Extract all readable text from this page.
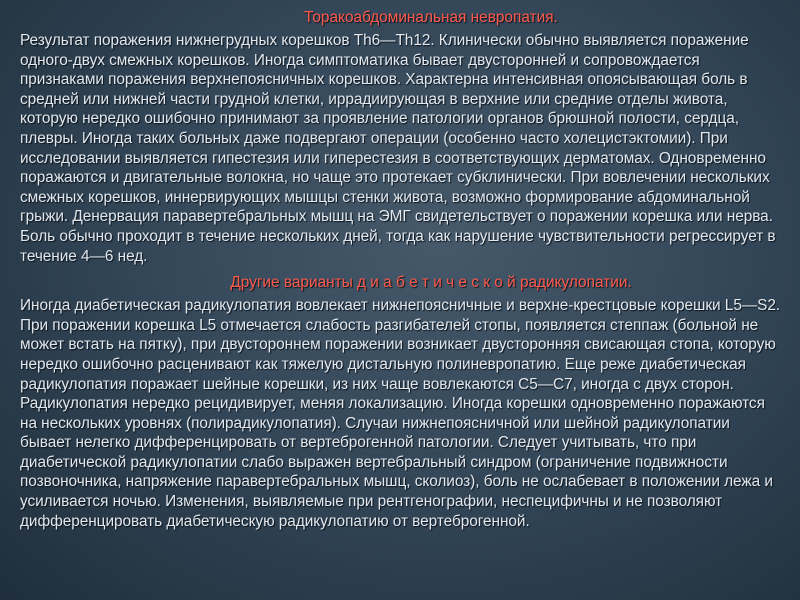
Торакоабдоминальная невропатия.

Результат поражения нижнегрудных корешков Th6—Th12. Клинически обычно выявляется поражение одного-двух смежных корешков. Иногда симптоматика бывает двусторонней и сопровождается признаками поражения верхнепоясничных корешков. Характерна интенсивная опоясывающая боль в средней или нижней части грудной клетки, иррадиирующая в верхние или средние отделы живота, которую нередко ошибочно принимают за проявление патологии органов брюшной полости, сердца, плевры. Иногда таких больных даже подвергают операции (особенно часто холецистэктомии). При исследовании выявляется гипестезия или гиперестезия в соответствующих дерматомах. Одновременно поражаются и двигательные волокна, но чаще это протекает субклинически. При вовлечении нескольких смежных корешков, иннервирующих мышцы стенки живота, возможно формирование абдоминальной грыжи. Денервация паравертебральных мышц на ЭМГ свидетельствует о поражении корешка или нерва. Боль обычно проходит в течение нескольких дней, тогда как нарушение чувствительности регрессирует в течение 4—6 нед.

Другие варианты д и а б е т и ч е с к о й радикулопатии.

Иногда диабетическая радикулопатия вовлекает нижнепоясничные и верхне-крестцовые корешки L5—S2. При поражении корешка L5 отмечается слабость разгибателей стопы, появляется степпаж (больной не может встать на пятку), при двустороннем поражении возникает двусторонняя свисающая стопа, которую нередко ошибочно расценивают как тяжелую дистальную полиневропатию. Еще реже диабетическая радикулопатия поражает шейные корешки, из них чаще вовлекаются C5—C7, иногда с двух сторон. Радикулопатия нередко рецидивирует, меняя локализацию. Иногда корешки одновременно поражаются на нескольких уровнях (полирадикулопатия). Случаи нижнепоясничной или шейной радикулопатии бывает нелегко дифференцировать от вертеброгенной патологии. Следует учитывать, что при диабетической радикулопатии слабо выражен вертебральный синдром (ограничение подвижности позвоночника, напряжение паравертебральных мышц, сколиоз), боль не ослабевает в положении лежа и усиливается ночью. Изменения, выявляемые при рентгенографии, неспецифичны и не позволяют дифференцировать диабетическую радикулопатию от вертеброгенной.
